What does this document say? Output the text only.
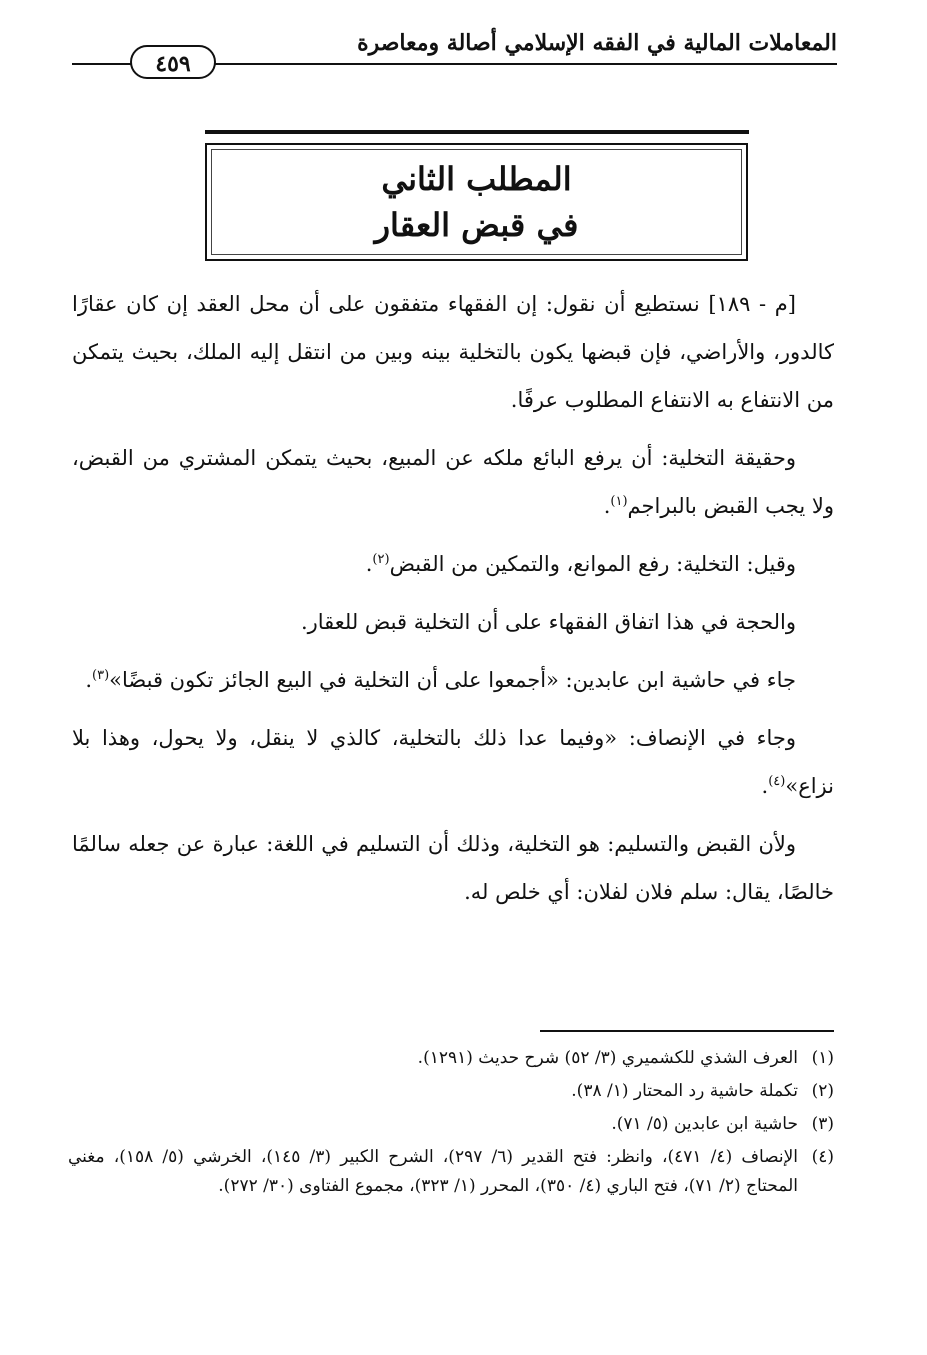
المعاملات المالية في الفقه الإسلامي أصالة ومعاصرة
٤٥٩
المطلب الثاني
في قبض العقار

[م - ١٨٩] نستطيع أن نقول: إن الفقهاء متفقون على أن محل العقد إن كان عقارًا كالدور، والأراضي، فإن قبضها يكون بالتخلية بينه وبين من انتقل إليه الملك، بحيث يتمكن من الانتفاع به الانتفاع المطلوب عرفًا.

وحقيقة التخلية: أن يرفع البائع ملكه عن المبيع، بحيث يتمكن المشتري من القبض، ولا يجب القبض بالبراجم$^{(١)}$.

وقيل: التخلية: رفع الموانع، والتمكين من القبض$^{(٢)}$.

والحجة في هذا اتفاق الفقهاء على أن التخلية قبض للعقار.

جاء في حاشية ابن عابدين: «أجمعوا على أن التخلية في البيع الجائز تكون قبضًا»$^{(٣)}$.

وجاء في الإنصاف: «وفيما عدا ذلك بالتخلية، كالذي لا ينقل، ولا يحول، وهذا بلا نزاع»$^{(٤)}$.

ولأن القبض والتسليم: هو التخلية، وذلك أن التسليم في اللغة: عبارة عن جعله سالمًا خالصًا، يقال: سلم فلان لفلان: أي خلص له.

(١)
العرف الشذي للكشميري (٣/ ٥٢) شرح حديث (١٢٩١).
(٢)
تكملة حاشية رد المحتار (١/ ٣٨).
(٣)
حاشية ابن عابدين (٥/ ٧١).
(٤)
الإنصاف (٤/ ٤٧١)، وانظر: فتح القدير (٦/ ٢٩٧)، الشرح الكبير (٣/ ١٤٥)، الخرشي (٥/ ١٥٨)، مغني المحتاج (٢/ ٧١)، فتح الباري (٤/ ٣٥٠)، المحرر (١/ ٣٢٣)، مجموع الفتاوى (٣٠/ ٢٧٢).
